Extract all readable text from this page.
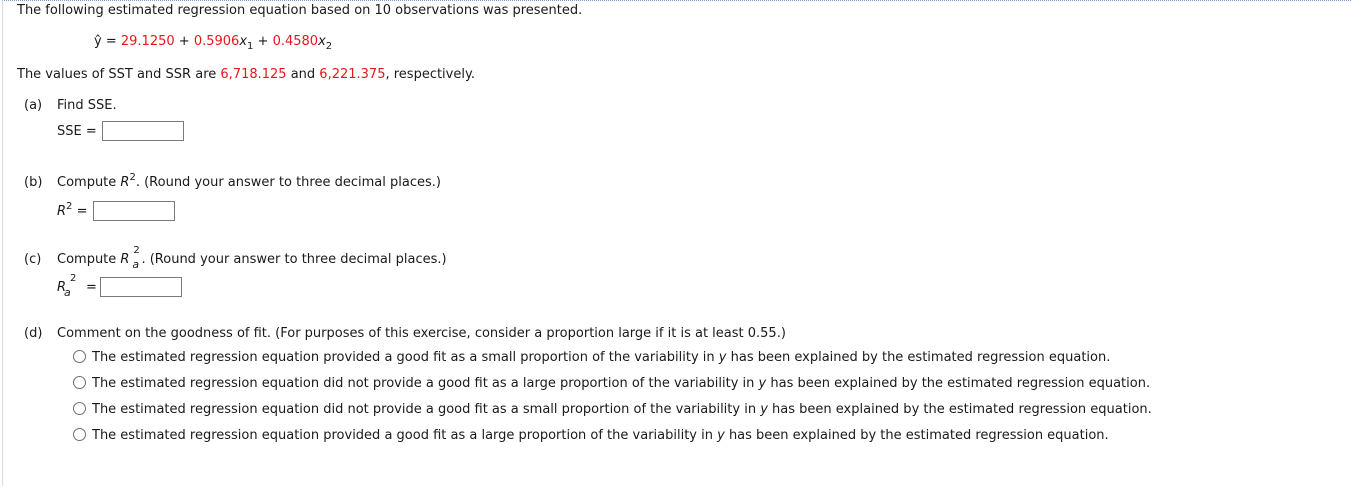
The following estimated regression equation based on 10 observations was presented.
ŷ = $29.1250 + 0.5906x_1 + 0.4580x_2$
The values of SST and SSR are 6,718.125 and 6,221.375, respectively.
(a) Find SSE.
SSE =
(b) Compute $R^2$. (Round your answer to three decimal places.)
$R^2$ =
(c) Compute R a
2
. (Round your answer to three decimal places.)
R
a
2
=
(d) Comment on the goodness of fit. (For purposes of this exercise, consider a proportion large if it is at least 0.55.)
The estimated regression equation provided a good fit as a small proportion of the variability in y has been explained by the estimated regression equation.
The estimated regression equation did not provide a good fit as a large proportion of the variability in y has been explained by the estimated regression equation.
The estimated regression equation did not provide a good fit as a small proportion of the variability in y has been explained by the estimated regression equation.
The estimated regression equation provided a good fit as a large proportion of the variability in y has been explained by the estimated regression equation.
